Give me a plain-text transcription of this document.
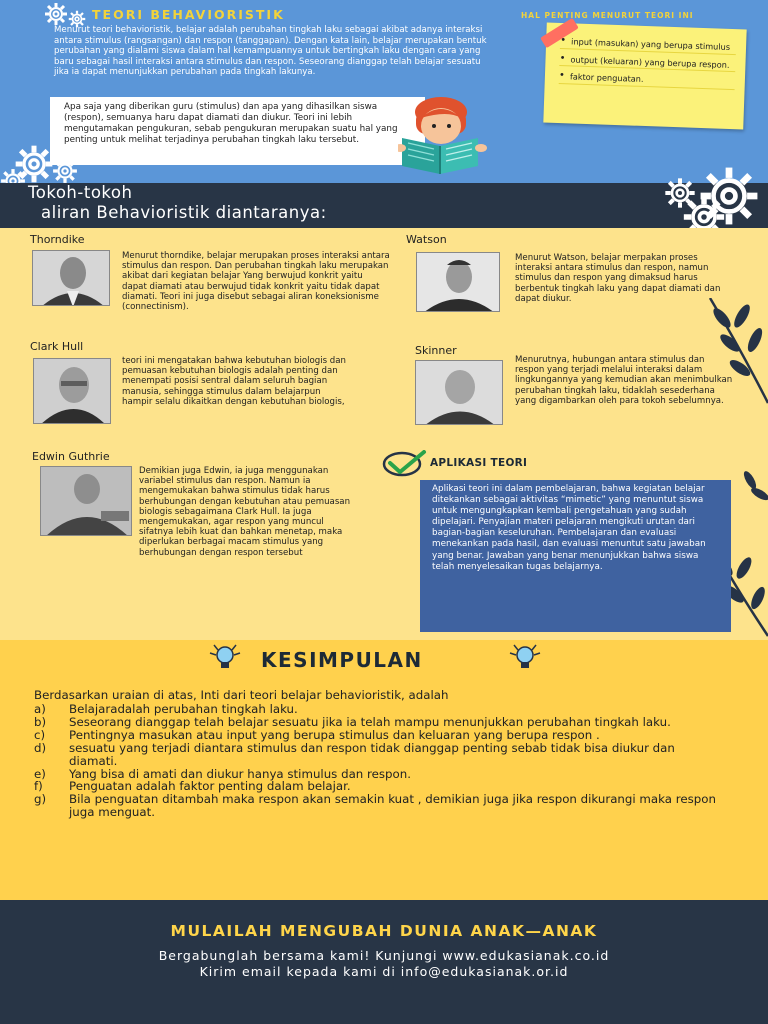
TEORI BEHAVIORISTIK	HAL PENTING MENURUT TEORI INI
Menurut teori behavioristik, belajar adalah perubahan tingkah laku sebagai akibat adanya interaksi antara stimulus (rangsangan) dan respon (tanggapan). Dengan kata lain, belajar merupakan bentuk perubahan yang dialami siswa dalam hal kemampuannya untuk bertingkah laku dengan cara yang baru sebagai hasil interaksi antara stimulus dan respon. Seseorang dianggap telah belajar sesuatu jika ia dapat menunjukkan perubahan pada tingkah lakunya.
Apa saja yang diberikan guru (stimulus) dan apa yang dihasilkan siswa (respon), semuanya haru dapat diamati dan diukur. Teori ini lebih mengutamakan pengukuran, sebab pengukuran merupakan suatu hal yang penting untuk melihat terjadinya perubahan tingkah laku tersebut.
• input (masukan) yang berupa stimulus
• output (keluaran) yang berupa respon.
• faktor penguatan.
Tokoh-tokoh
aliran Behavioristik diantaranya:
Thorndike
Menurut thorndike, belajar merupakan proses interaksi antara stimulus dan respon. Dan perubahan tingkah laku merupakan akibat dari kegiatan belajar Yang berwujud konkrit yaitu dapat diamati atau berwujud tidak konkrit yaitu tidak dapat diamati. Teori ini juga disebut sebagai aliran koneksionisme (connectinism).
Watson
Menurut Watson, belajar merpakan proses interaksi antara stimulus dan respon, namun stimulus dan respon yang dimaksud harus berbentuk tingkah laku yang dapat diamati dan dapat diukur.
Clark Hull
teori ini mengatakan bahwa kebutuhan biologis dan pemuasan kebutuhan biologis adalah penting dan menempati posisi sentral dalam seluruh bagian manusia, sehingga stimulus dalam belajarpun hampir selalu dikaitkan dengan kebutuhan biologis,
Skinner
Menurutnya, hubungan antara stimulus dan respon yang terjadi melalui interaksi dalam lingkungannya yang kemudian akan menimbulkan perubahan tingkah laku, tidaklah sesederhana yang digambarkan oleh para tokoh sebelumnya.
Edwin Guthrie
Demikian juga Edwin, ia juga menggunakan variabel stimulus dan respon. Namun ia mengemukakan bahwa stimulus tidak harus berhubungan dengan kebutuhan atau pemuasan biologis sebagaimana Clark Hull. Ia juga mengemukakan, agar respon yang muncul sifatnya lebih kuat dan bahkan menetap, maka diperlukan berbagai macam stimulus yang berhubungan dengan respon tersebut
APLIKASI TEORI
Aplikasi teori ini dalam pembelajaran, bahwa kegiatan belajar ditekankan sebagai aktivitas “mimetic” yang menuntut siswa untuk mengungkapkan kembali pengetahuan yang sudah dipelajari. Penyajian materi pelajaran mengikuti urutan dari bagian-bagian keseluruhan. Pembelajaran dan evaluasi menekankan pada hasil, dan evaluasi menuntut satu jawaban yang benar. Jawaban yang benar menunjukkan bahwa siswa telah menyelesaikan tugas belajarnya.
KESIMPULAN
Berdasarkan uraian di atas, Inti dari teori belajar behavioristik, adalah
a)	Belajaradalah perubahan tingkah laku.
b)	Seseorang dianggap telah belajar sesuatu jika ia telah mampu menunjukkan perubahan tingkah laku.
c)	Pentingnya masukan atau input yang berupa stimulus dan keluaran yang berupa respon .
d)	sesuatu yang terjadi diantara stimulus dan respon tidak dianggap penting sebab tidak bisa diukur dan diamati.
e)	Yang bisa di amati dan diukur hanya stimulus dan respon.
f)	Penguatan adalah faktor penting dalam belajar.
g)	Bila penguatan ditambah maka respon akan semakin kuat , demikian juga jika respon dikurangi maka respon juga menguat.
MULAILAH MENGUBAH DUNIA ANAK—ANAK
Bergabunglah bersama kami! Kunjungi www.edukasianak.co.id
Kirim email kepada kami di info@edukasianak.or.id
